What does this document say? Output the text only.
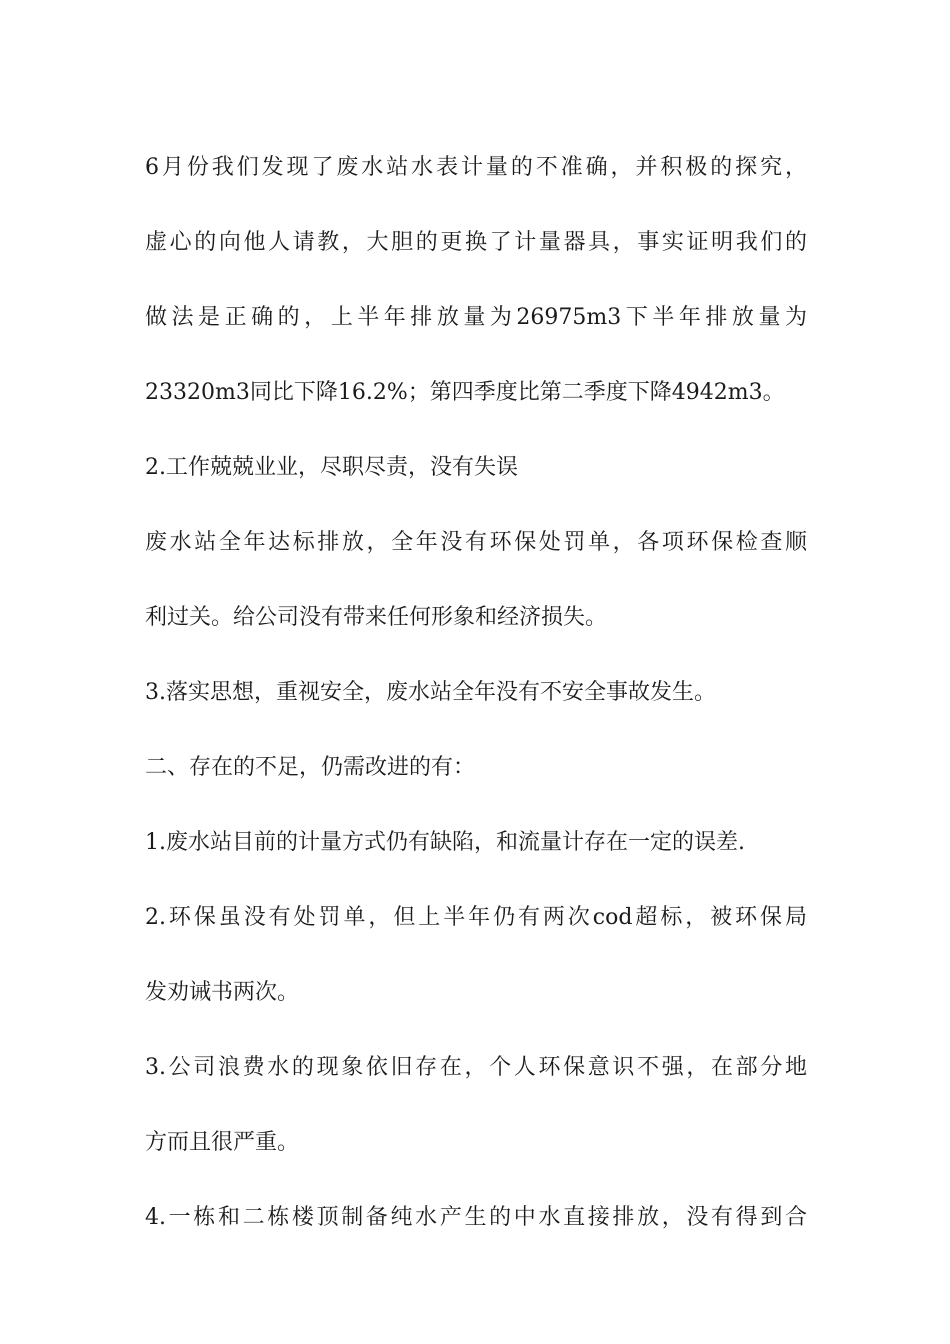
6月份我们发现了废水站水表计量的不准确，并积极的探究，
虚心的向他人请教，大胆的更换了计量器具，事实证明我们的
做法是正确的，上半年排放量为26975m3下半年排放量为
23320m3同比下降16.2%；第四季度比第二季度下降4942m3。
2.工作兢兢业业，尽职尽责，没有失误
废水站全年达标排放，全年没有环保处罚单，各项环保检查顺
利过关。给公司没有带来任何形象和经济损失。
3.落实思想，重视安全，废水站全年没有不安全事故发生。
二、存在的不足，仍需改进的有：
1.废水站目前的计量方式仍有缺陷，和流量计存在一定的误差.
2.环保虽没有处罚单，但上半年仍有两次cod超标，被环保局
发劝诫书两次。
3.公司浪费水的现象依旧存在，个人环保意识不强，在部分地
方而且很严重。
4.一栋和二栋楼顶制备纯水产生的中水直接排放，没有得到合
